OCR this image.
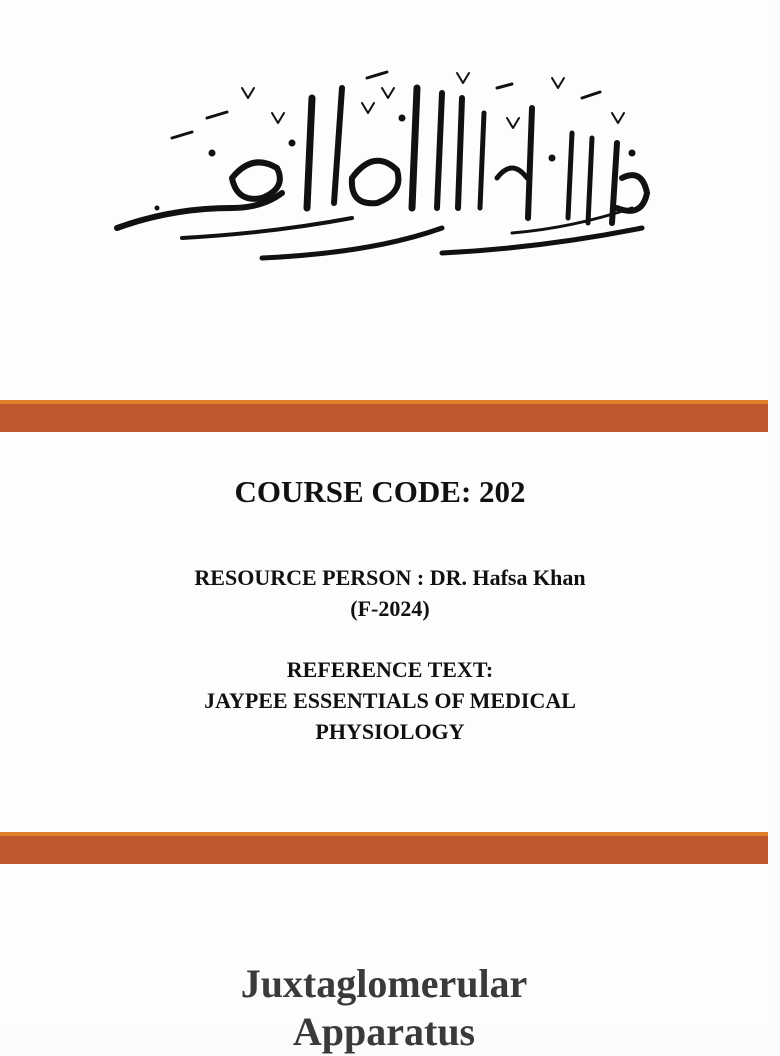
COURSE CODE: 202
RESOURCE PERSON : DR. Hafsa Khan
(F-2024)
REFERENCE TEXT:
JAYPEE ESSENTIALS OF MEDICAL
PHYSIOLOGY
Juxtaglomerular
Apparatus
